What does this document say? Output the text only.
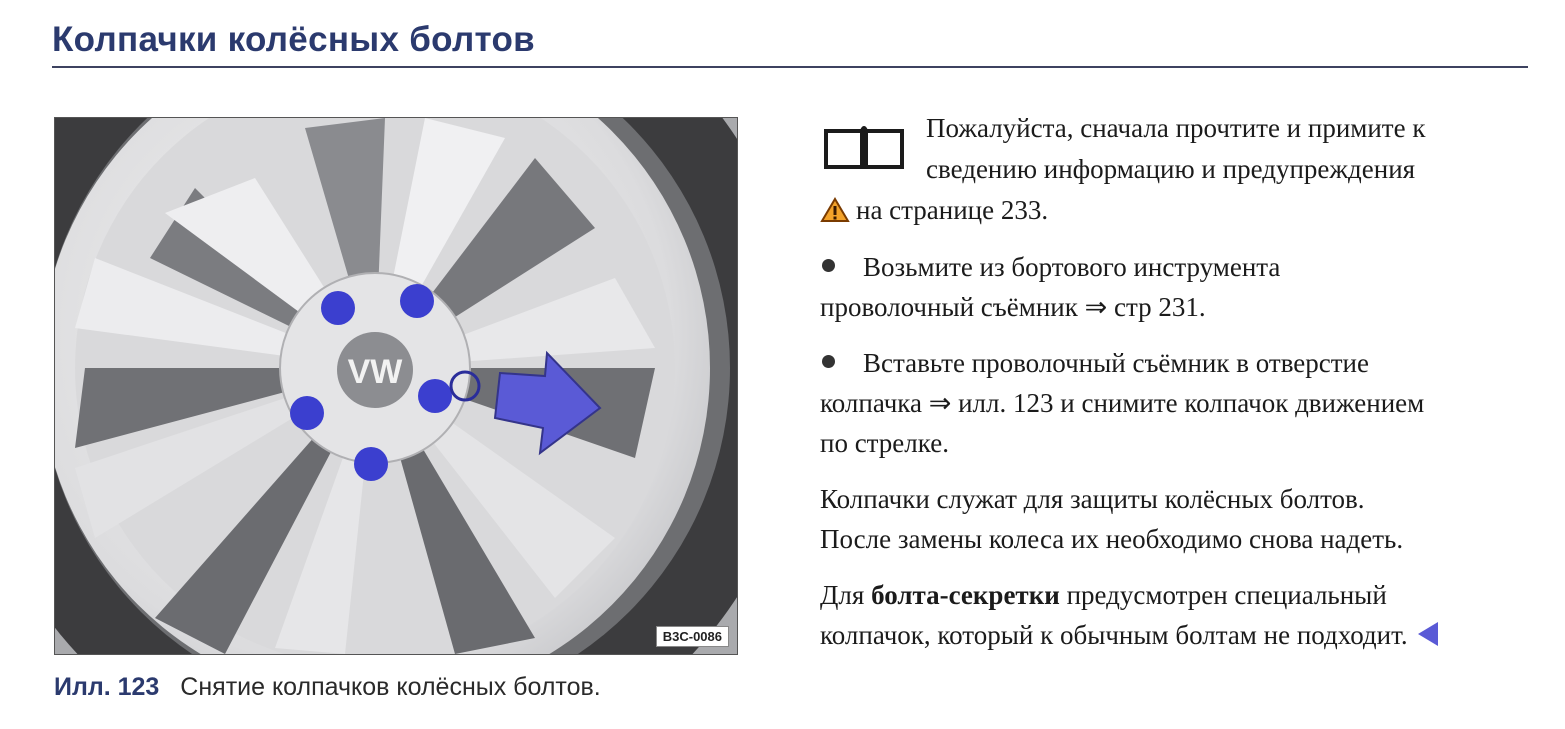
Колпачки колёсных болтов
VW
B3C-0086
Илл. 123 Снятие колпачков колёсных болтов.
Пожалуйста, сначала прочтите и примите к
сведению информацию и предупреждения
на странице 233.
Возьмите из бортового инструмента
проволочный съёмник ⇒ стр 231.
Вставьте проволочный съёмник в отверстие
колпачка ⇒ илл. 123 и снимите колпачок движением
по стрелке.
Колпачки служат для защиты колёсных болтов.
После замены колеса их необходимо снова надеть.
Для болта-секретки предусмотрен специальный
колпачок, который к обычным болтам не подходит.
